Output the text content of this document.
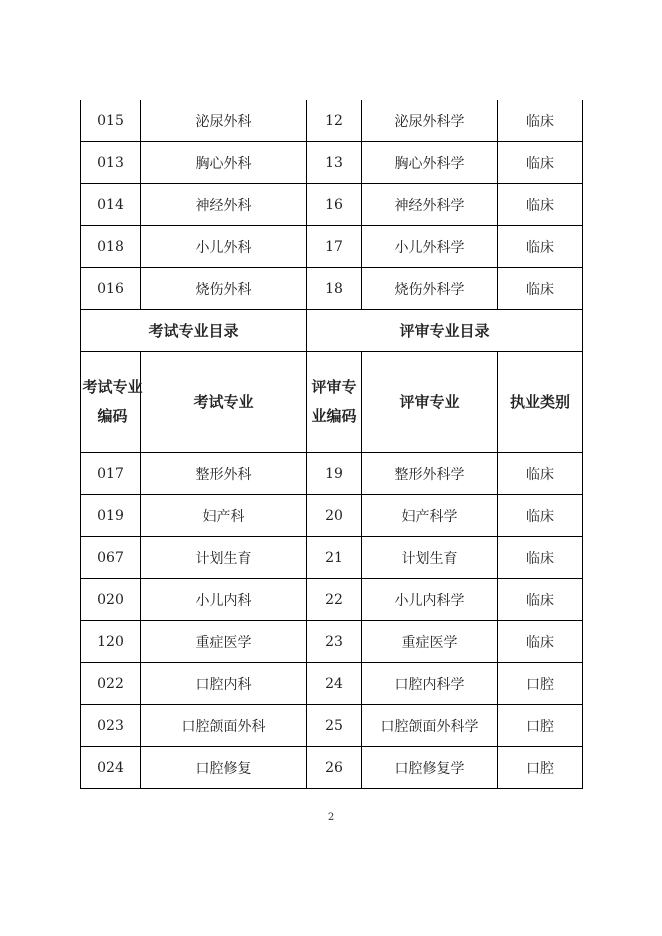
015	泌尿外科	12	泌尿外科学	临床
013	胸心外科	13	胸心外科学	临床
014	神经外科	16	神经外科学	临床
018	小儿外科	17	小儿外科学	临床
016	烧伤外科	18	烧伤外科学	临床
考试专业目录		评审专业目录		
考试专业编码	考试专业	评审专业编码	评审专业	执业类别
017	整形外科	19	整形外科学	临床
019	妇产科	20	妇产科学	临床
067	计划生育	21	计划生育	临床
020	小儿内科	22	小儿内科学	临床
120	重症医学	23	重症医学	临床
022	口腔内科	24	口腔内科学	口腔
023	口腔颌面外科	25	口腔颌面外科学	口腔
024	口腔修复	26	口腔修复学	口腔
2
